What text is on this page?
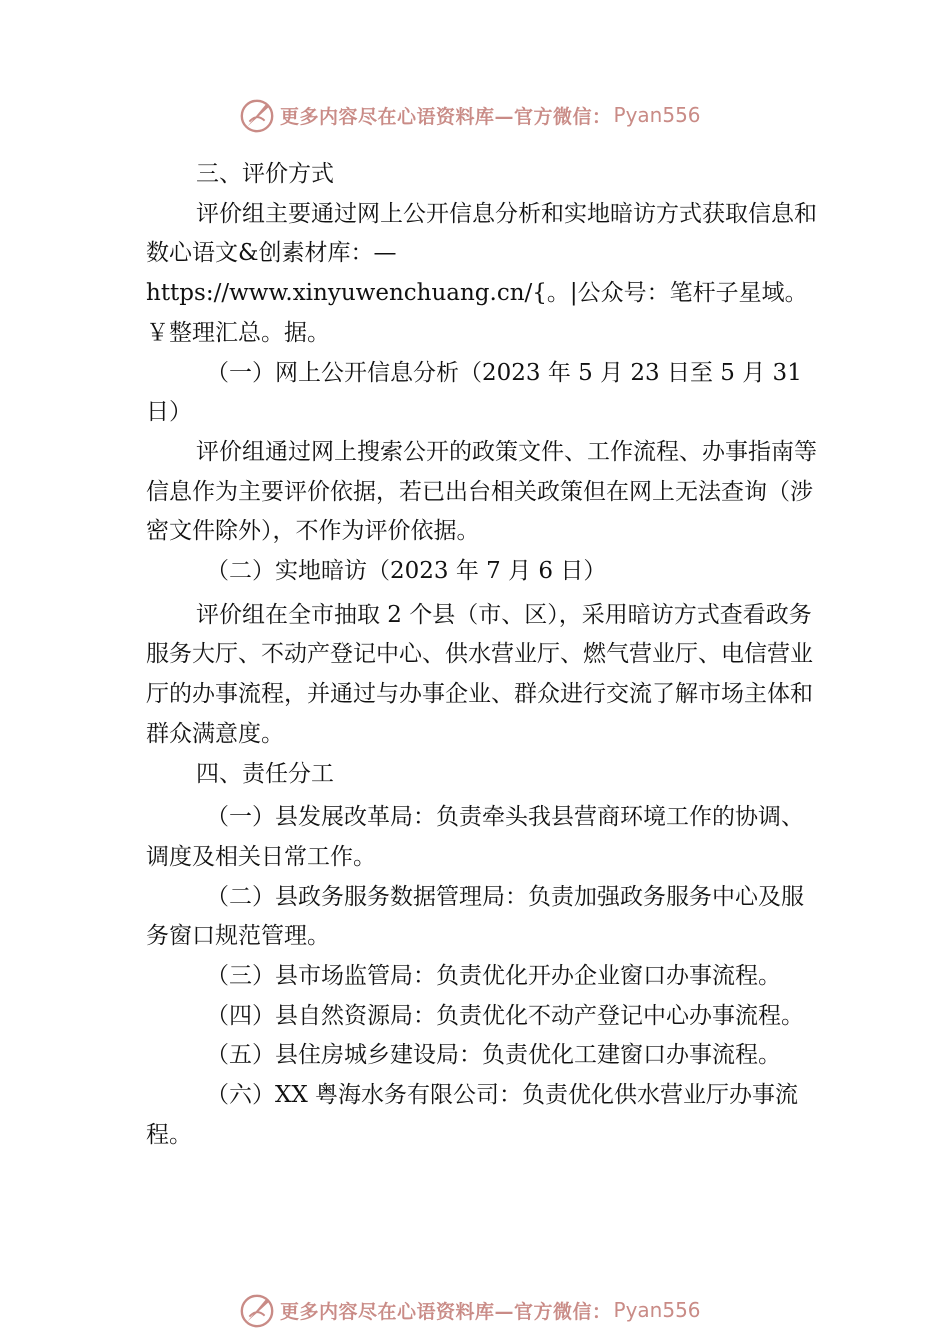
更多内容尽在心语资料库—官方微信： Pyan556

三、评价方式

评价组主要通过网上公开信息分析和实地暗访方式获取信息和数心语文&创素材库：—https://www.xinyuwenchuang.cn/{。|公众号：笔杆子星域。￥整理汇总。据。

（一）网上公开信息分析（2023 年 5 月 23 日至 5 月 31 日）

评价组通过网上搜索公开的政策文件、工作流程、办事指南等信息作为主要评价依据，若已出台相关政策但在网上无法查询（涉密文件除外），不作为评价依据。

（二）实地暗访（2023 年 7 月 6 日）

评价组在全市抽取 2 个县（市、区），采用暗访方式查看政务服务大厅、不动产登记中心、供水营业厅、燃气营业厅、电信营业厅的办事流程，并通过与办事企业、群众进行交流了解市场主体和群众满意度。

四、责任分工

（一）县发展改革局：负责牵头我县营商环境工作的协调、调度及相关日常工作。

（二）县政务服务数据管理局：负责加强政务服务中心及服务窗口规范管理。

（三）县市场监管局：负责优化开办企业窗口办事流程。

（四）县自然资源局：负责优化不动产登记中心办事流程。

（五）县住房城乡建设局：负责优化工建窗口办事流程。

（六）XX 粤海水务有限公司：负责优化供水营业厅办事流程。

更多内容尽在心语资料库—官方微信： Pyan556
